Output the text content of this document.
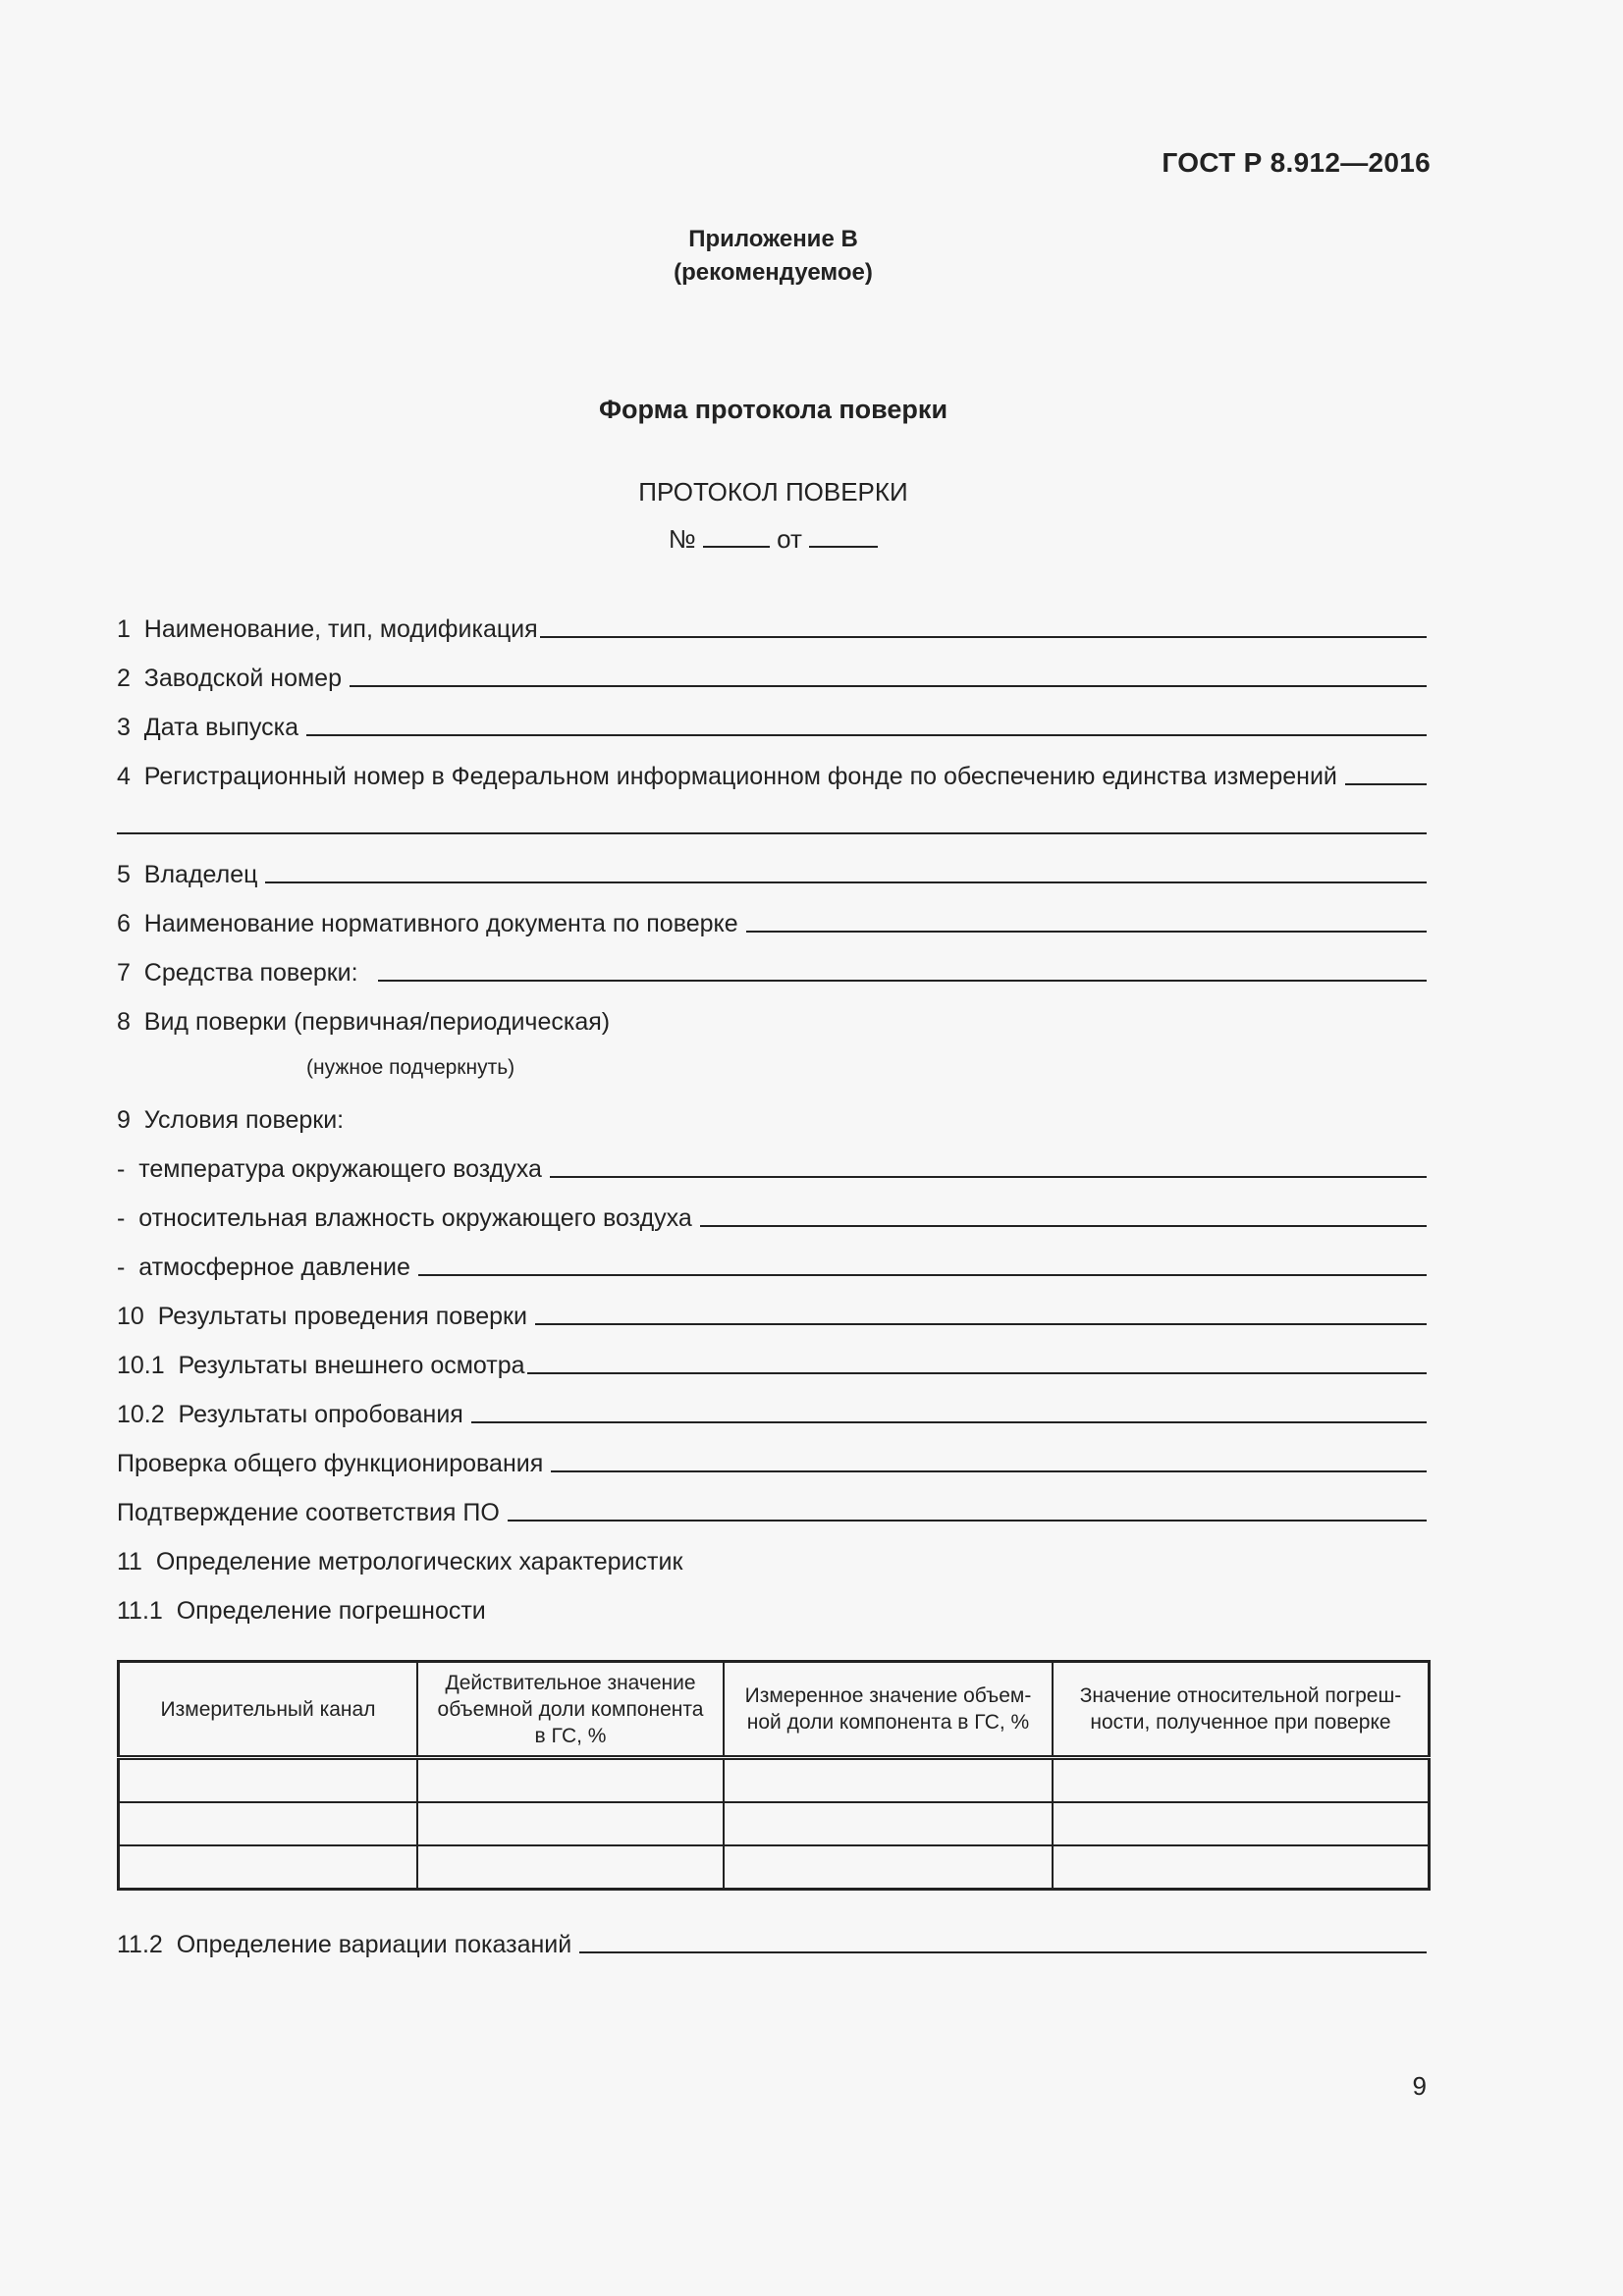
ГОСТ Р 8.912—2016
Приложение В
(рекомендуемое)
Форма протокола поверки
ПРОТОКОЛ ПОВЕРКИ
№	от
1  Наименование, тип, модификация
2  Заводской номер
3  Дата выпуска
4  Регистрационный номер в Федеральном информационном фонде по обеспечению единства измерений
5  Владелец
6  Наименование нормативного документа по поверке
7  Средства поверки:
8  Вид поверки (первичная/периодическая)
(нужное подчеркнуть)
9  Условия поверки:
-  температура окружающего воздуха
-  относительная влажность окружающего воздуха
-  атмосферное давление
10  Результаты проведения поверки
10.1  Результаты внешнего осмотра
10.2  Результаты опробования
Проверка общего функционирования
Подтверждение соответствия ПО
11  Определение метрологических характеристик
11.1  Определение погрешности
Измерительный канал	Действительное значение объемной доли компонента в ГС, %	Измеренное значение объем- ной доли компонента в ГС, %	Значение относительной погреш- ности, полученное при поверке

11.2  Определение вариации показаний
9
